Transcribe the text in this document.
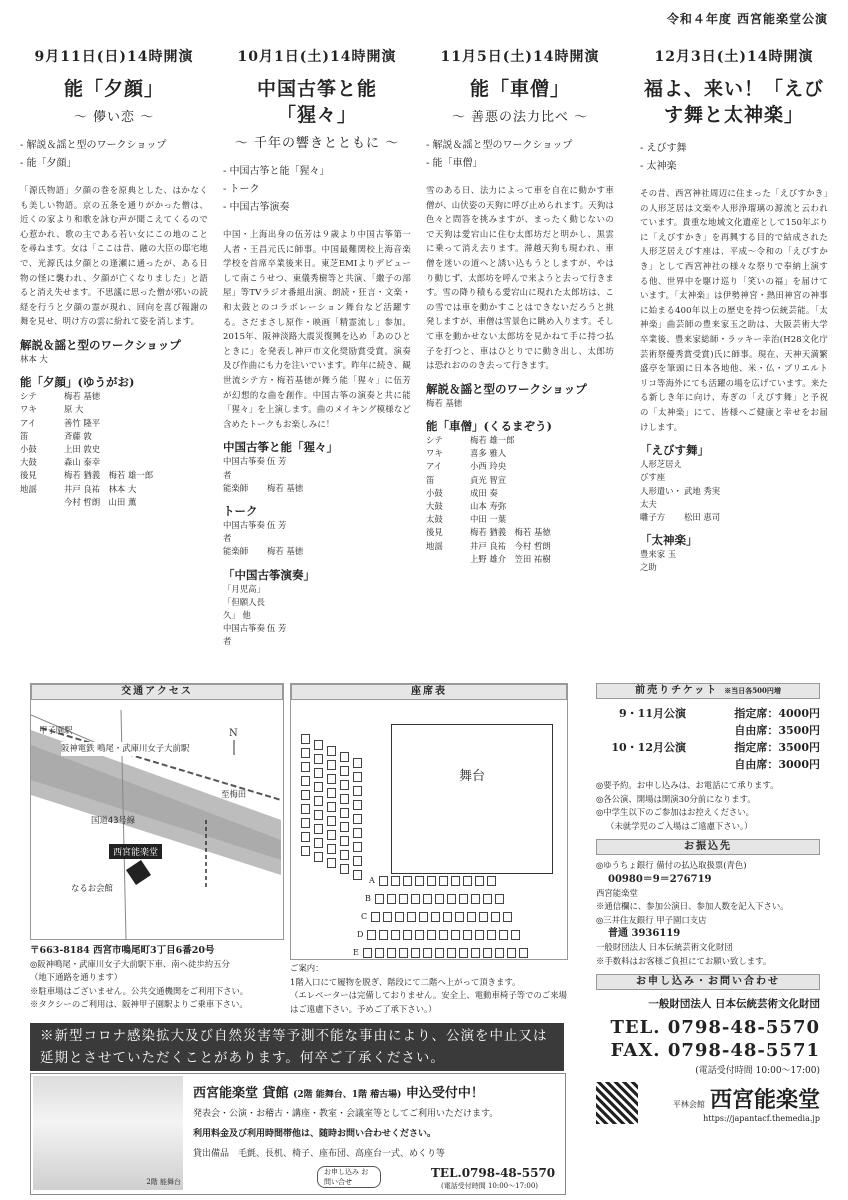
令和４年度 西宮能楽堂公演
9月11日(日)14時開演
能「夕顔」
〜 儚い恋 〜
- 解説＆謡と型のワークショップ
- 能「夕顔」
「源氏物語」夕顔の巻を原典とした、はかなくも美しい物語。京の五条を通りがかった僧は、近くの家より和歌を詠む声が聞こえてくるので心惹かれ、歌の主である若い女にこの地のことを尋ねます。女は「ここは昔、融の大臣の邸宅地で、光源氏は夕顔との逢瀬に通ったが、ある日物の怪に襲われ、夕顔が亡くなりました」と語ると消え失せます。不思議に思った僧が邪いの読経を行うと夕顔の霊が現れ、回向を喜び報謝の舞を見せ、明け方の雲に紛れて姿を消します。
解説＆謡と型のワークショップ
林本 大
能「夕顔」(ゆうがお)
シテ	梅若 基徳
ワキ	原 大
アイ	善竹 隆平
笛	斉藤 敦
小鼓	上田 敦史
大鼓	森山 泰幸
後見	梅若 猶義　梅若 雄一郎
地謡	井戸 良祐　林本 大
今村 哲朗　山田 薫
10月1日(土)14時開演
中国古筝と能「猩々」
〜 千年の響きとともに 〜
- 中国古筝と能「猩々」
- トーク
- 中国古筝演奏
中国・上海出身の伍芳は９歳より中国古筝第一人者・王昌元氏に師事。中国最難関校上海音楽学校を首席卒業後来日。東芝EMIよりデビューして南こうせつ、東儀秀樹等と共演、「繖子の部屋」等TVラジオ番組出演、朗読・狂言・文楽・和太鼓とのコラボレーション舞台など活躍する。さだまさし原作・映画「精霊流し」参加。2015年、阪神淡路大震災復興を込め「あのひとときに」を発表し神戸市文化奨励賞受賞。演奏及び作曲にも力を注いでいます。昨年に続き、観世流シテ方・梅若基徳が舞う能「猩々」に伍芳が幻想的な曲を創作。中国古筝の演奏と共に能「猩々」を上演します。曲のメイキング模様など含めたトークもお楽しみに！
中国古筝と能「猩々」
中国古筝奏者
伍 芳
能楽師	梅若 基徳
トーク
中国古筝奏者
伍 芳
能楽師	梅若 基徳
「中国古筝演奏」
「月児高」
「但願人長久」 他
中国古筝奏者
伍 芳
11月5日(土)14時開演
能「車僧」
〜 善悪の法力比べ 〜
- 解説＆謡と型のワークショップ
- 能「車僧」
雪のある日、法力によって車を自在に動かす車僧が、山伏姿の天狗に呼び止められます。天狗は色々と問答を挑みますが、まったく動じないので天狗は愛宕山に住む太郎坊だと明かし、黒雲に乗って消え去ります。滞越天狗も現われ、車僧を迷いの道へと誘い込もうとしますが、やはり動じず、太郎坊を呼んで来ようと去って行きます。雪の降り積もる愛宕山に現れた太郎坊は、この雪では車を動かすことはできないだろうと挑発しますが、車僧は雪景色に眺め入ります。そして車を動かせない太郎坊を見かねて手に持つ払子を打つと、車はひとりでに動き出し、太郎坊は恐れおののき去って行きます。
解説＆謡と型のワークショップ
梅若 基徳
能「車僧」(くるまぞう)
シテ	梅若 雄一郎
ワキ	喜多 雅人
アイ	小西 玲央
笛	貞光 智宣
小鼓	成田 奏
大鼓	山本 寿弥
太鼓	中田 一葉
後見	梅若 猶義　梅若 基徳
地謡	井戸 良祐　今村 哲朗
上野 雄介　笠田 祐樹
12月3日(土)14時開演
福よ、来い！「えびす舞と太神楽」
- えびす舞
- 太神楽
その昔、西宮神社周辺に住まった「えびすかき」の人形芝居は文楽や人形浄瑠璃の源流と云われています。貴重な地域文化遺産として150年ぶりに「えびすかき」を再興する目的で結成された人形芝居えびす座は、平成〜令和の「えびすかき」として西宮神社の様々な祭りで奉納上演する他、世界中を駆け巡り「笑いの福」を届けています。「太神楽」は伊勢神宮・熱田神宮の神事に始まる400年以上の歴史を持つ伝統芸能。「太神楽」曲芸師の豊来家玉之助は、大阪芸術大学卒業後、豊来家総師・ラッキー幸治(H28文化庁芸術祭優秀賞受賞)氏に師事。現在、天神天満繁盛亭を筆頭に日本各地他、米・仏・ブリエルトリコ等海外にても活躍の場を広げています。来たる新しき年に向け、寿ぎの「えびす舞」と予祝の「太神楽」にて、皆様へご健康と幸せをお届けします。
「えびす舞」
人形芝居えびす座
人形遣い・太夫
武地 秀実
囃子方	松田 恵司
「太神楽」
豊来家 玉之助
交通アクセス
N
阪神電鉄 鳴尾・武庫川女子大前駅
甲子園駅
至梅田
国道43号線
西宮能楽堂
なるお会館
〒663-8184 西宮市鳴尾町3丁目6番20号
◎阪神鳴尾・武庫川女子大前駅下車、南へ徒歩約五分
（地下通路を通ります）
※駐車場はございません。公共交通機関をご利用下さい。
※タクシーのご利用は、阪神甲子園駅よりご乗車下さい。
座席表
舞台
A
B
C
D
E
ご案内：
1階入口にて履物を脱ぎ、階段にて二階へ上がって頂きます。
（エレベーターは完備しておりません。安全上、電動車椅子等でのご来場はご遠慮下さい。予めご了承下さい。）
前売りチケット ※当日各500円増
9・11月公演	指定席：4000円
自由席：3500円
10・12月公演	指定席：3500円
自由席：3000円
◎要予約。お申し込みは、お電話にて承ります。
◎各公演、開場は開演30分前になります。
◎中学生以下のご参加はお控えください。
（未就学児のご入場はご遠慮下さい。）
お振込先
◎ゆうちょ銀行 備付の払込取扱票(青色)
00980＝9＝276719
西宮能楽堂
※通信欄に、参加公演日、参加人数を記入下さい。
◎三井住友銀行 甲子園口支店
普通 3936119
一般財団法人 日本伝統芸術文化財団
※手数料はお客様ご負担にてお願い致します。
お申し込み・お問い合わせ
一般財団法人 日本伝統芸術文化財団
TEL. 0798-48-5570
FAX. 0798-48-5571
(電話受付時間 10:00〜17:00)
平林会館 西宮能楽堂
https://japantacf.themedia.jp
※新型コロナ感染拡大及び自然災害等予測不能な事由により、公演を中止又は延期とさせていただくことがあります。何卒ご了承ください。
2階 能舞台
西宮能楽堂 貸館 (2階 能舞台、1階 稽古場) 申込受付中！
発表会・公演・お稽古・講座・教室・会議室等としてご利用いただけます。
利用料金及び利用時間帯他は、随時お問い合わせください。
貸出備品　毛氈、長机、椅子、座布団、高座台一式、めくり等
お申し込み お問い合せ
TEL.0798-48-5570
(電話受付時間 10:00〜17:00)
